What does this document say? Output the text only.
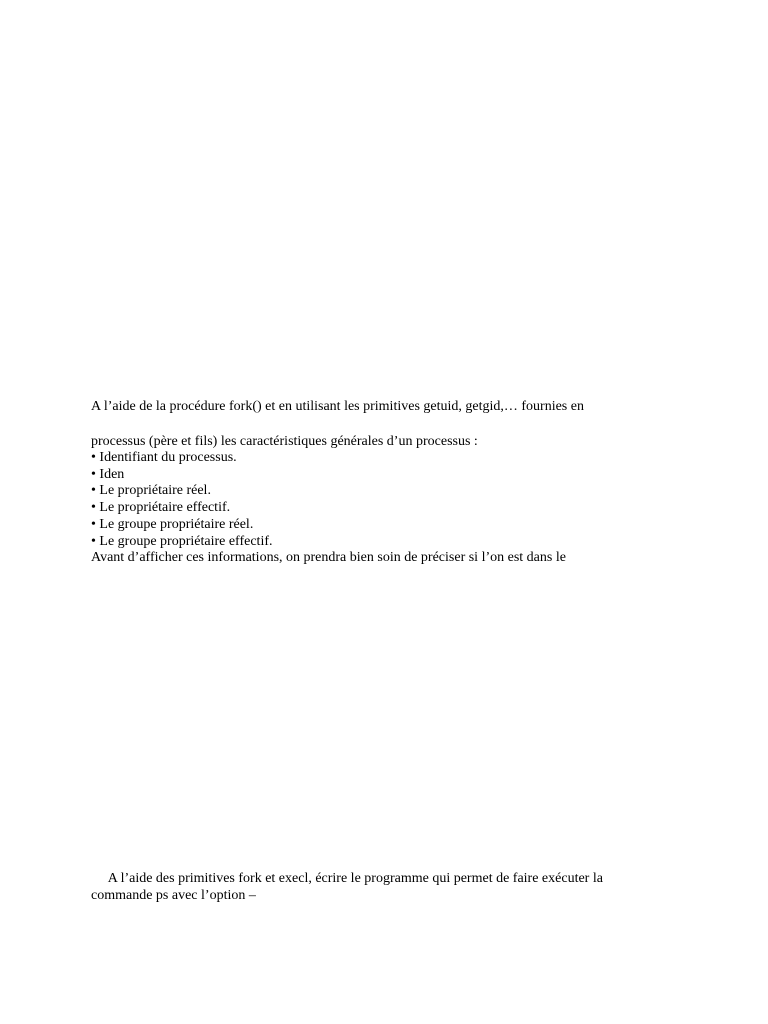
A l’aide de la procédure fork() et en utilisant les primitives getuid, getgid,… fournies en
processus (père et fils) les caractéristiques générales d’un processus :
• Identifiant du processus.
• Iden
• Le propriétaire réel.
• Le propriétaire effectif.
• Le groupe propriétaire réel.
• Le groupe propriétaire effectif.
Avant d’afficher ces informations, on prendra bien soin de préciser si l’on est dans le
A l’aide des primitives fork et execl, écrire le programme qui permet de faire exécuter la
commande ps avec l’option –
